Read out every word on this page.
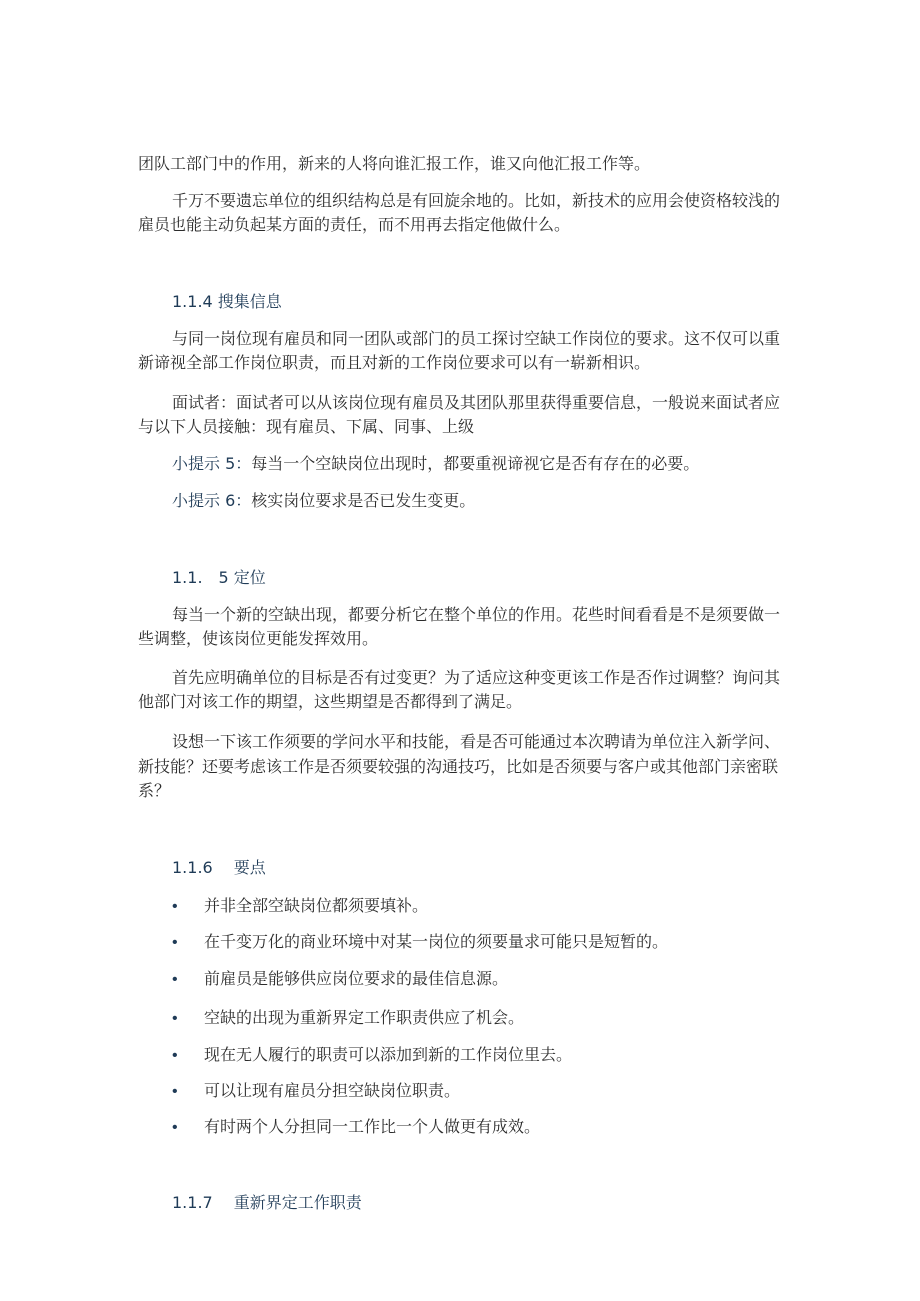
团队工部门中的作用，新来的人将向谁汇报工作，谁又向他汇报工作等。
千万不要遗忘单位的组织结构总是有回旋余地的。比如，新技术的应用会使资格较浅的
雇员也能主动负起某方面的责任，而不用再去指定他做什么。
1.1.4 搜集信息
与同一岗位现有雇员和同一团队或部门的员工探讨空缺工作岗位的要求。这不仅可以重
新谛视全部工作岗位职责，而且对新的工作岗位要求可以有一崭新相识。
面试者：面试者可以从该岗位现有雇员及其团队那里获得重要信息，一般说来面试者应
与以下人员接触：现有雇员、下属、同事、上级
小提示 5：每当一个空缺岗位出现时，都要重视谛视它是否有存在的必要。
小提示 6：核实岗位要求是否已发生变更。
1.1.　5 定位
每当一个新的空缺出现，都要分析它在整个单位的作用。花些时间看看是不是须要做一
些调整，使该岗位更能发挥效用。
首先应明确单位的目标是否有过变更？为了适应这种变更该工作是否作过调整？询问其
他部门对该工作的期望，这些期望是否都得到了满足。
设想一下该工作须要的学问水平和技能，看是否可能通过本次聘请为单位注入新学问、
新技能？还要考虑该工作是否须要较强的沟通技巧，比如是否须要与客户或其他部门亲密联
系？
1.1.6　 要点
• 并非全部空缺岗位都须要填补。
• 在千变万化的商业环境中对某一岗位的须要量求可能只是短暂的。
• 前雇员是能够供应岗位要求的最佳信息源。
• 空缺的出现为重新界定工作职责供应了机会。
• 现在无人履行的职责可以添加到新的工作岗位里去。
• 可以让现有雇员分担空缺岗位职责。
• 有时两个人分担同一工作比一个人做更有成效。
1.1.7　 重新界定工作职责
